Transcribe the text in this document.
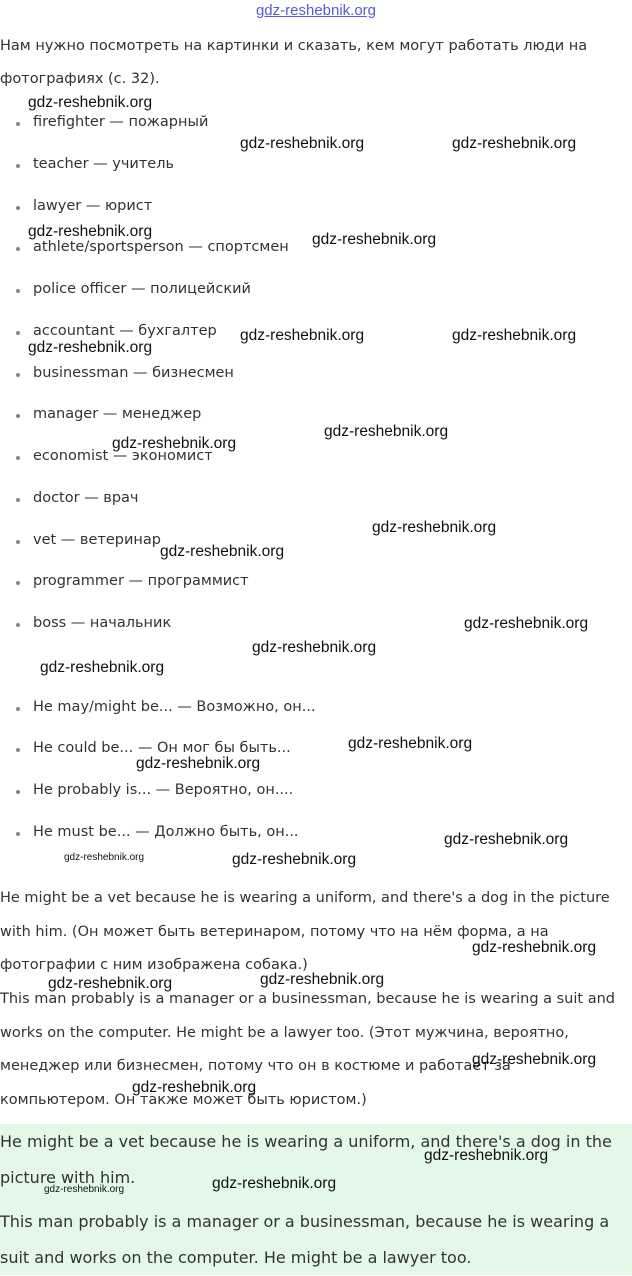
gdz-reshebnik.org
Нам нужно посмотреть на картинки и сказать, кем могут работать люди на фотографиях (с. 32).
firefighter — пожарный
teacher — учитель
lawyer — юрист
athlete/sportsperson — спортсмен
police officer — полицейский
accountant — бухгалтер
businessman — бизнесмен
manager — менеджер
economist — экономист
doctor — врач
vet — ветеринар
programmer — программист
boss — начальник
He may/might be... — Возможно, он...
He could be... — Он мог бы быть...
He probably is... — Вероятно, он....
He must be... — Должно быть, он...

He might be a vet because he is wearing a uniform, and there's a dog in the picture with him. (Он может быть ветеринаром, потому что на нём форма, а на фотографии с ним изображена собака.)

This man probably is a manager or a businessman, because he is wearing a suit and works on the computer. He might be a lawyer too. (Этот мужчина, вероятно, менеджер или бизнесмен, потому что он в костюме и работает за компьютером. Он также может быть юристом.)

He might be a vet because he is wearing a uniform, and there's a dog in the picture with him.

This man probably is a manager or a businessman, because he is wearing a suit and works on the computer. He might be a lawyer too.

gdz-reshebnik.org
gdz-reshebnik.org	gdz-reshebnik.org
gdz-reshebnik.org	gdz-reshebnik.org
gdz-reshebnik.org	gdz-reshebnik.org
gdz-reshebnik.org
gdz-reshebnik.org
gdz-reshebnik.org
gdz-reshebnik.org
gdz-reshebnik.org
gdz-reshebnik.org
gdz-reshebnik.org
gdz-reshebnik.org
gdz-reshebnik.org
gdz-reshebnik.org
gdz-reshebnik.org
gdz-reshebnik.org	gdz-reshebnik.org
gdz-reshebnik.org
gdz-reshebnik.org
gdz-reshebnik.org
gdz-reshebnik.org
gdz-reshebnik.org
gdz-reshebnik.org
gdz-reshebnik.org	gdz-reshebnik.org
